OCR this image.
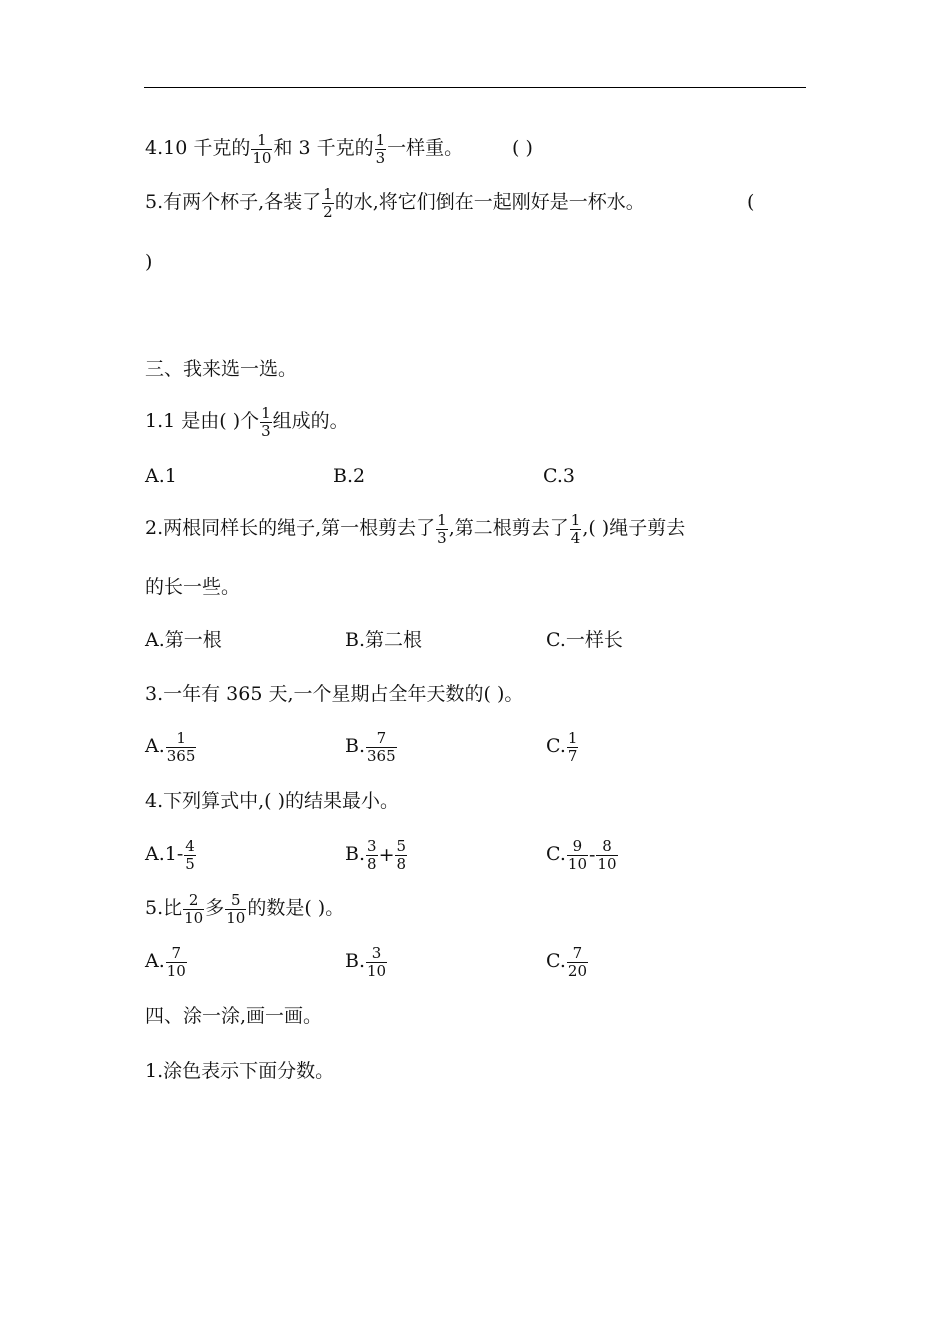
4.10 千克的 $\frac{1}{10}$ 和 3 千克的 $\frac{1}{3}$ 一样重。	( )
5.有两个杯子,各装了 $\frac{1}{2}$ 的水,将它们倒在一起刚好是一杯水。	(
)
三、我来选一选。
1.1 是由( )个 $\frac{1}{3}$ 组成的。
A.1	B.2	C.3
2.两根同样长的绳子,第一根剪去了 $\frac{1}{3}$ ,第二根剪去了 $\frac{1}{4}$ ,( )绳子剪去
的长一些。
A.第一根	B.第二根	C.一样长
3.一年有 365 天,一个星期占全年天数的( )。
A. $\frac{1}{365}$	B. $\frac{7}{365}$	C. $\frac{1}{7}$
4.下列算式中,( )的结果最小。
$A.1- \frac{4}{5}$	B. $\frac{3}{8} + \frac{5}{8}$	C. $\frac{9}{10} - \frac{8}{10}$
5.比 $\frac{2}{10}$ 多 $\frac{5}{10}$ 的数是( )。
A. $\frac{7}{10}$	B. $\frac{3}{10}$	C. $\frac{7}{20}$
四、涂一涂,画一画。
1.涂色表示下面分数。
